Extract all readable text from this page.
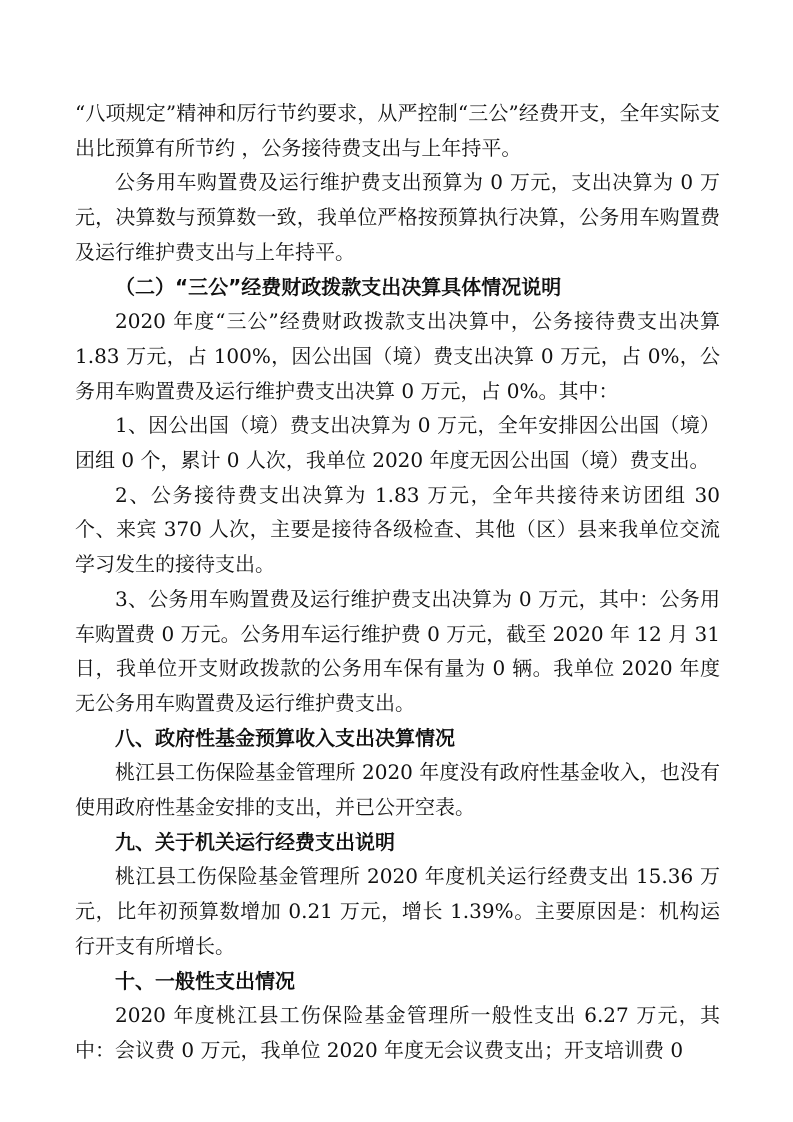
“八项规定”精神和厉行节约要求，从严控制“三公”经费开支，全年实际支出比预算有所节约 ，公务接待费支出与上年持平。

公务用车购置费及运行维护费支出预算为 0 万元，支出决算为 0 万元，决算数与预算数一致，我单位严格按预算执行决算，公务用车购置费及运行维护费支出与上年持平。

（二）“三公”经费财政拨款支出决算具体情况说明

2020 年度“三公”经费财政拨款支出决算中，公务接待费支出决算 1.83 万元，占 100%，因公出国（境）费支出决算 0 万元，占 0%，公务用车购置费及运行维护费支出决算 0 万元，占 0%。其中：

1、因公出国（境）费支出决算为 0 万元，全年安排因公出国（境）团组 0 个，累计 0 人次，我单位 2020 年度无因公出国（境）费支出。

2、公务接待费支出决算为 1.83 万元，全年共接待来访团组 30 个、来宾 370 人次，主要是接待各级检查、其他（区）县来我单位交流学习发生的接待支出。

3、公务用车购置费及运行维护费支出决算为 0 万元，其中：公务用车购置费 0 万元。公务用车运行维护费 0 万元，截至 2020 年 12 月 31 日，我单位开支财政拨款的公务用车保有量为 0 辆。我单位 2020 年度无公务用车购置费及运行维护费支出。

八、政府性基金预算收入支出决算情况

桃江县工伤保险基金管理所 2020 年度没有政府性基金收入，也没有使用政府性基金安排的支出，并已公开空表。

九、关于机关运行经费支出说明

桃江县工伤保险基金管理所 2020 年度机关运行经费支出 15.36 万元，比年初预算数增加 0.21 万元，增长 1.39%。主要原因是：机构运行开支有所增长。

十、一般性支出情况

2020 年度桃江县工伤保险基金管理所一般性支出 6.27 万元，其中：会议费 0 万元，我单位 2020 年度无会议费支出；开支培训费 0
